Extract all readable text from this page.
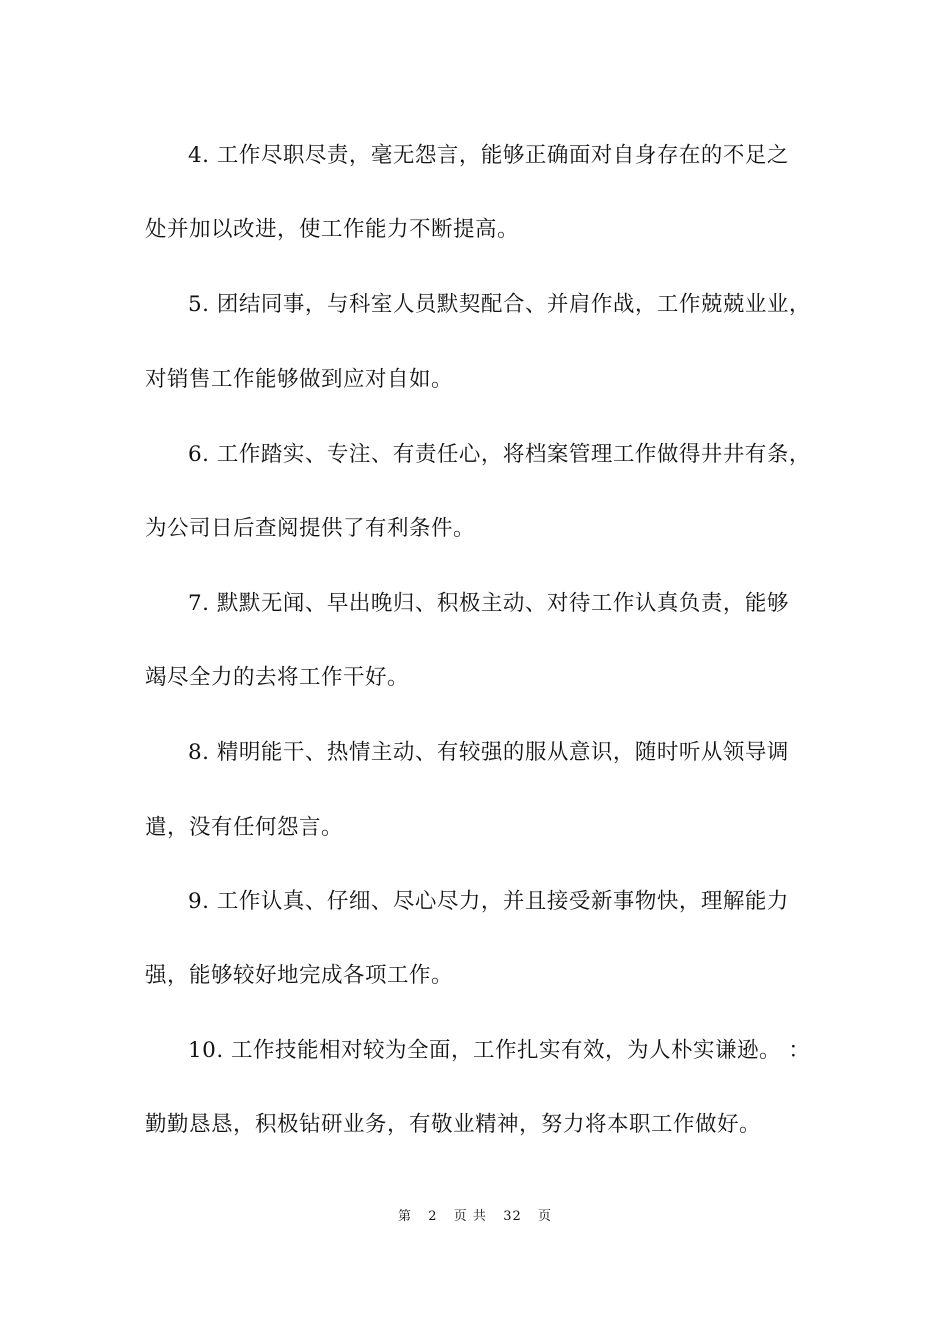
4. 工作尽职尽责，毫无怨言，能够正确面对自身存在的不足之
处并加以改进，使工作能力不断提高。
5. 团结同事，与科室人员默契配合、并肩作战，工作兢兢业业，
对销售工作能够做到应对自如。
6. 工作踏实、专注、有责任心，将档案管理工作做得井井有条，
为公司日后查阅提供了有利条件。
7. 默默无闻、早出晚归、积极主动、对待工作认真负责，能够
竭尽全力的去将工作干好。
8. 精明能干、热情主动、有较强的服从意识，随时听从领导调
遣，没有任何怨言。
9. 工作认真、仔细、尽心尽力，并且接受新事物快，理解能力
强，能够较好地完成各项工作。
10. 工作技能相对较为全面，工作扎实有效，为人朴实谦逊。 ：
勤勤恳恳，积极钻研业务，有敬业精神，努力将本职工作做好。
第 2 页 共 32 页
